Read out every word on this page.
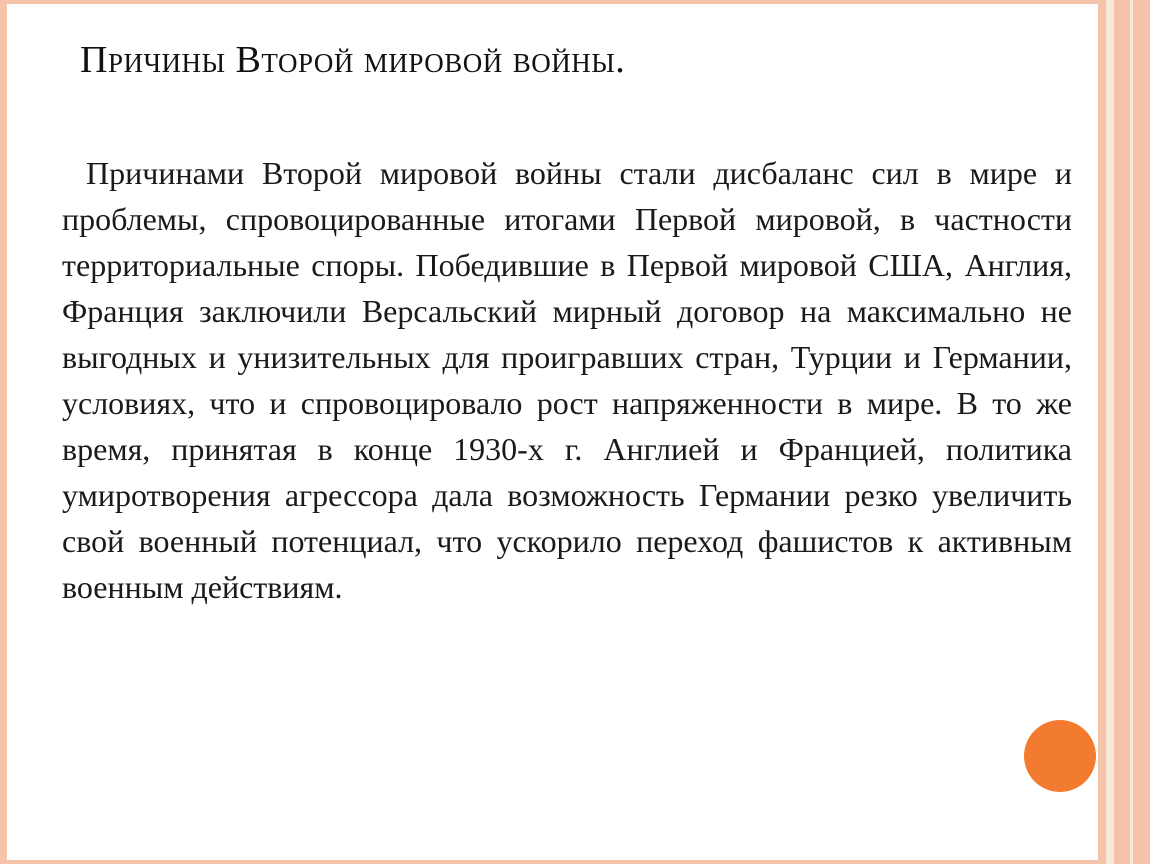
Причины Второй мировой войны.

Причинами Второй мировой войны стали дисбаланс сил в мире и проблемы, спровоцированные итогами Первой мировой, в частности территориальные споры. Победившие в Первой мировой США, Англия, Франция заключили Версальский мирный договор на максимально не выгодных и унизительных для проигравших стран, Турции и Германии, условиях, что и спровоцировало рост напряженности в мире. В то же время, принятая в конце 1930-х г. Англией и Францией, политика умиротворения агрессора дала возможность Германии резко увеличить свой военный потенциал, что ускорило переход фашистов к активным военным действиям.
